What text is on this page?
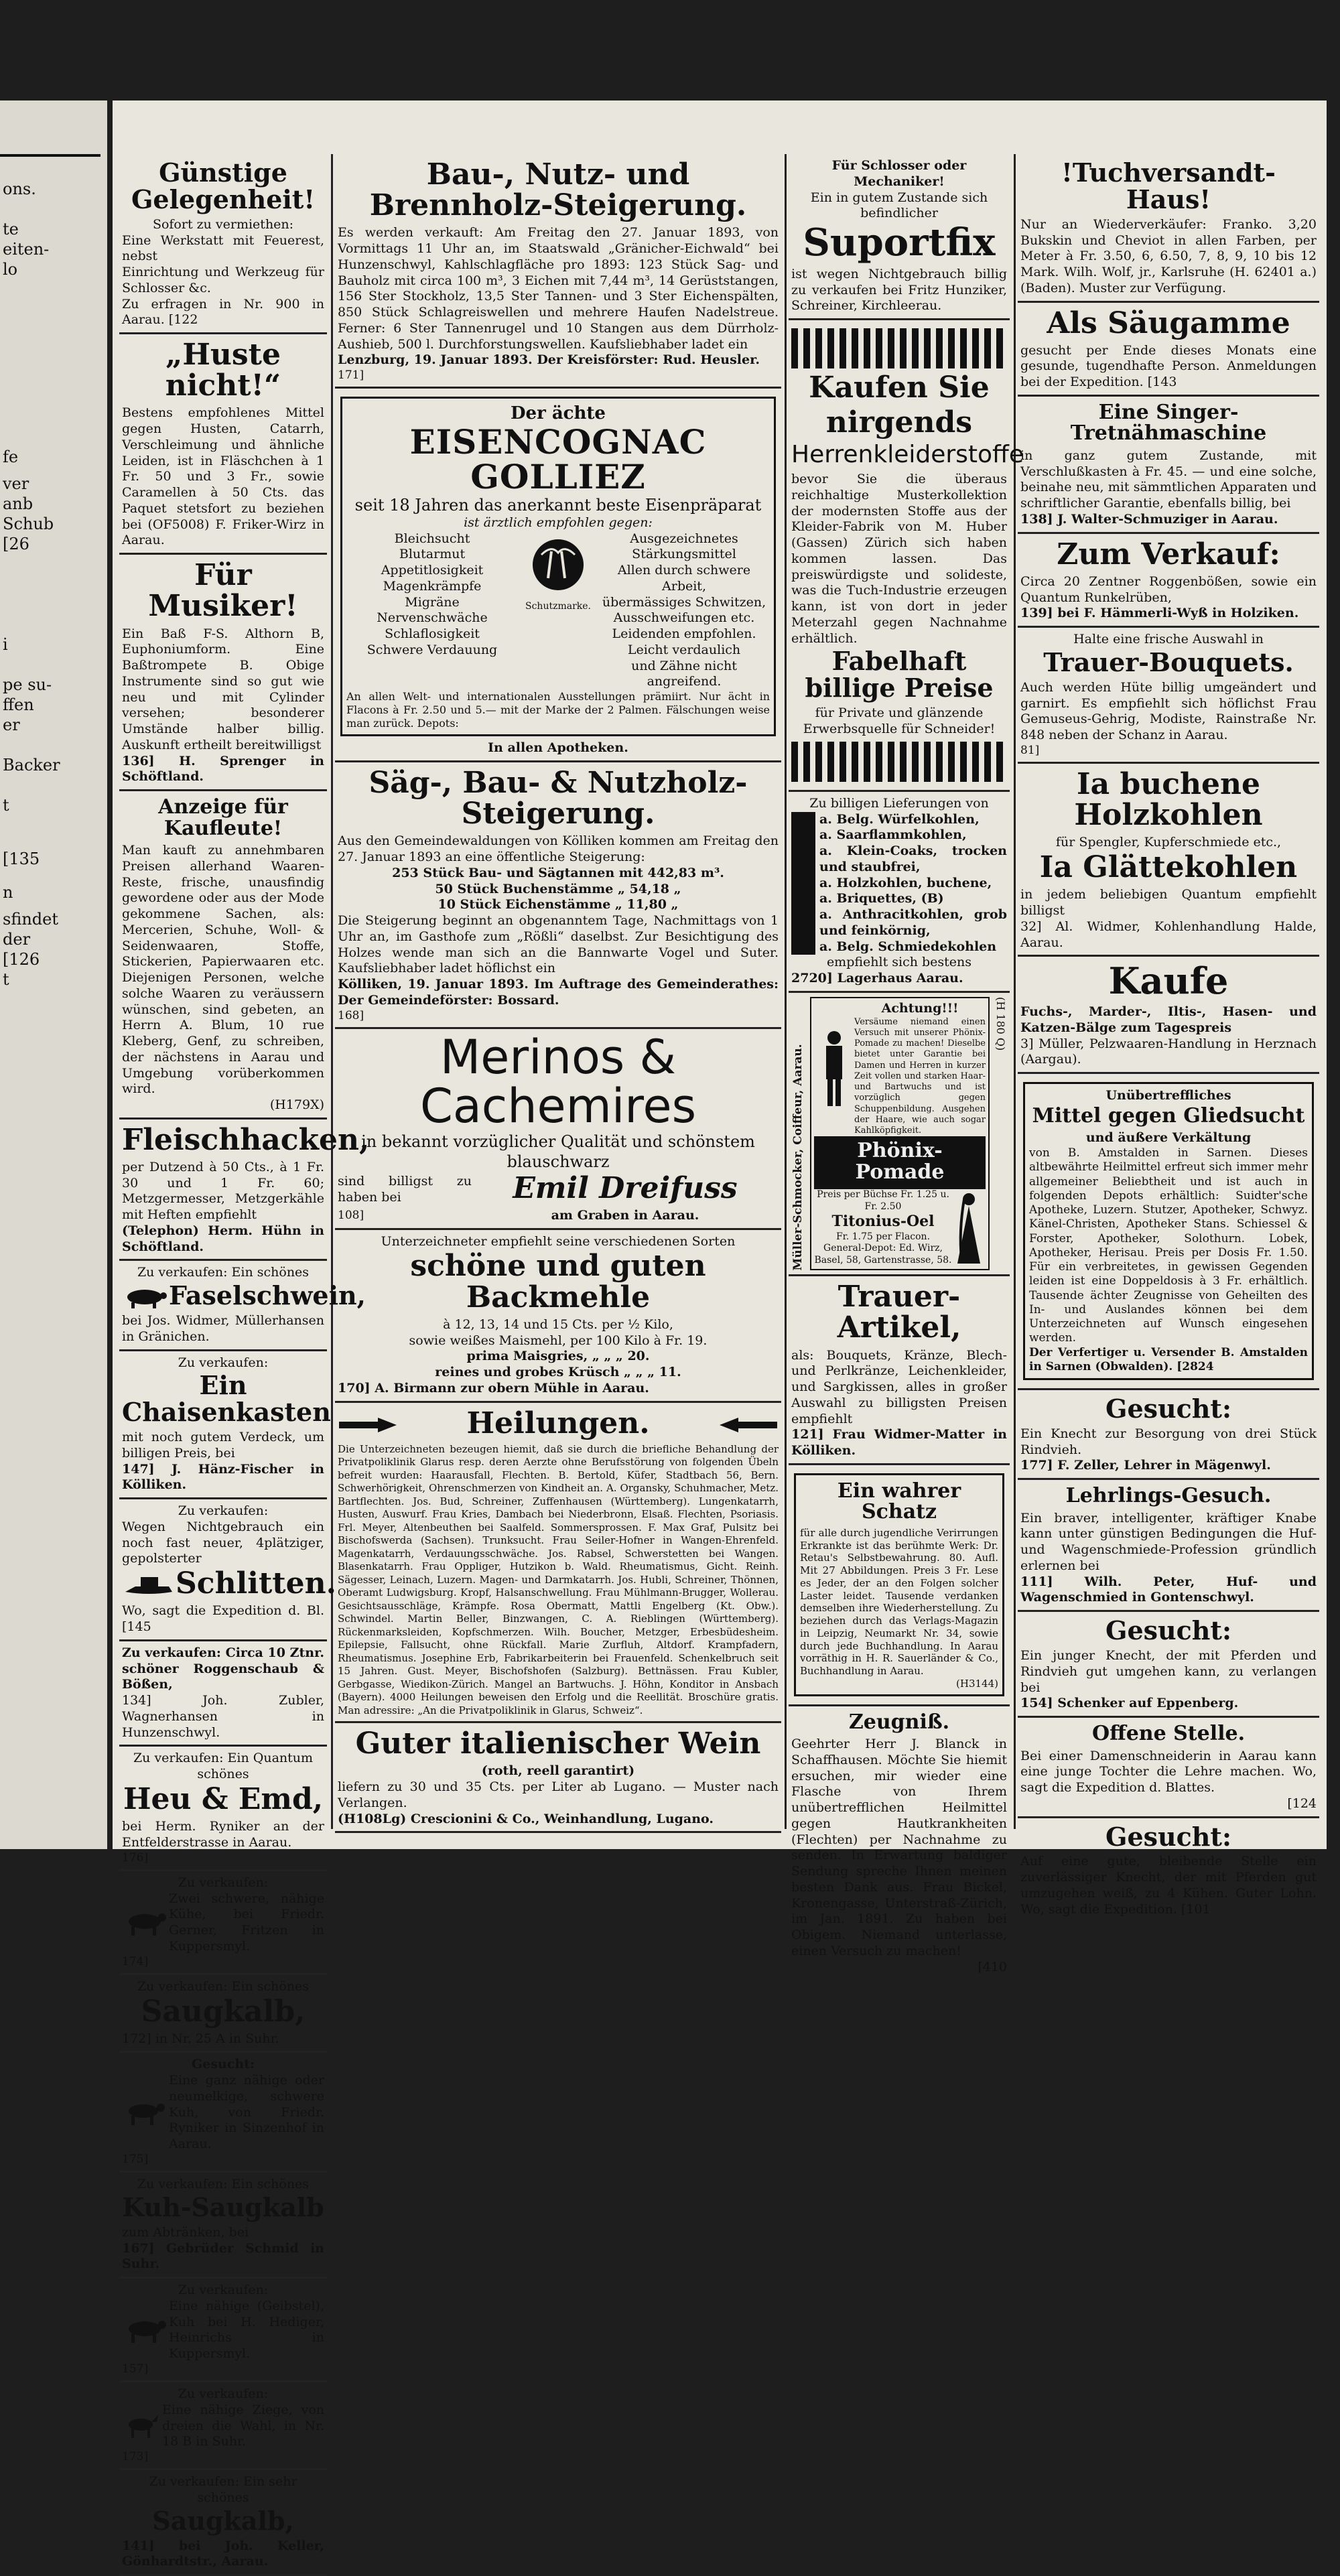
ons.
te
eiten-
lo
fe
ver
anb
Schub
[26
i
pe su-
ffen
er
Backer
t
[135
n
sfindet
der
[126
t
Günstige Gelegenheit!

Sofort zu vermiethen:

Eine Werkstatt mit Feuerest, nebst

Einrichtung und Werkzeug für Schlosser &c.

Zu erfragen in Nr. 900 in Aarau. [122

„Huste nicht!“

Bestens empfohlenes Mittel gegen Husten, Catarrh, Verschleimung und ähnliche Leiden, ist in Fläschchen à 1 Fr. 50 und 3 Fr., sowie Caramellen à 50 Cts. das Paquet stetsfort zu beziehen bei (OF5008) F. Friker-Wirz in Aarau.

Für Musiker!

Ein Baß F-S. Althorn B, Euphoniumform. Eine Baßtrompete B. Obige Instrumente sind so gut wie neu und mit Cylinder versehen; besonderer Umstände halber billig. Auskunft ertheilt bereitwilligst

136] H. Sprenger in Schöftland.

Anzeige für Kaufleute!

Man kauft zu annehmbaren Preisen allerhand Waaren-Reste, frische, unausfindig gewordene oder aus der Mode gekommene Sachen, als: Mercerien, Schuhe, Woll- & Seidenwaaren, Stoffe, Stickerien, Papierwaaren etc. Diejenigen Personen, welche solche Waaren zu veräussern wünschen, sind gebeten, an Herrn A. Blum, 10 rue Kleberg, Genf, zu schreiben, der nächstens in Aarau und Umgebung vorüberkommen wird.

(H179X)

Fleischhacken,

per Dutzend à 50 Cts., à 1 Fr. 30 und 1 Fr. 60; Metzgermesser, Metzgerkähle mit Heften empfiehlt

(Telephon) Herm. Hühn in Schöftland.

Zu verkaufen: Ein schönes

Faselschwein,

bei Jos. Widmer, Müllerhansen in Gränichen.

Zu verkaufen:

Ein Chaisenkasten

mit noch gutem Verdeck, um billigen Preis, bei

147] J. Hänz-Fischer in Kölliken.

Zu verkaufen:

Wegen Nichtgebrauch ein noch fast neuer, 4plätziger, gepolsterter

Schlitten.

Wo, sagt die Expedition d. Bl. [145

Zu verkaufen: Circa 10 Ztnr. schöner Roggenschaub & Bößen,

134] Joh. Zubler, Wagnerhansen in Hunzenschwyl.

Zu verkaufen: Ein Quantum schönes

Heu & Emd,

bei Herm. Ryniker an der Entfelderstrasse in Aarau.

176]

Zu verkaufen:

Zwei schwere, nähige Kühe, bei Friedr. Gerner, Fritzen in Kuppersmyl.

174]

Zu verkaufen: Ein schönes

Saugkalb,

172] in Nr. 25 A in Suhr.

Gesucht:

Eine ganz nähige oder neumelkige, schwere Kuh, von Friedr. Ryniker in Sinzenhof in Aarau.

175]

Zu verkaufen: Ein schönes

Kuh-Saugkalb

zum Abtränken, bei

167] Gebrüder Schmid in Suhr.

Zu verkaufen:

Eine nähige (Geibstel), Kuh bei H. Hediger, Heinrichs in Kuppersmyl.

157]

Zu verkaufen:

Eine nähige Ziege, von dreien die Wahl, in Nr. 18 B in Suhr.

173]

Zu verkaufen: Ein sehr schönes

Saugkalb,

141] bei Joh. Keller, Gönhardtstr., Aarau.

Bau-, Nutz- und Brennholz-Steigerung.

Es werden verkauft: Am Freitag den 27. Januar 1893, von Vormittags 11 Uhr an, im Staatswald „Gränicher-Eichwald“ bei Hunzenschwyl, Kahlschlagfläche pro 1893: 123 Stück Sag- und Bauholz mit circa 100 m³, 3 Eichen mit 7,44 m³, 14 Gerüststangen, 156 Ster Stockholz, 13,5 Ster Tannen- und 3 Ster Eichenspälten, 850 Stück Schlagreiswellen und mehrere Haufen Nadelstreue. Ferner: 6 Ster Tannenrugel und 10 Stangen aus dem Dürrholz-Aushieb, 500 l. Durchforstungswellen. Kaufsliebhaber ladet ein

Lenzburg, 19. Januar 1893. Der Kreisförster: Rud. Heusler.

171]

Der ächte

EISENCOGNAC GOLLIEZ

seit 18 Jahren das anerkannt beste Eisenpräparat

ist ärztlich empfohlen gegen:

Bleichsucht

Blutarmut

Appetitlosigkeit

Magenkrämpfe

Migräne

Nervenschwäche

Schlaflosigkeit

Schwere Verdauung

Schutzmarke.

Ausgezeichnetes

Stärkungsmittel

Allen durch schwere Arbeit,

übermässiges Schwitzen,

Ausschweifungen etc.

Leidenden empfohlen.

Leicht verdaulich

und Zähne nicht angreifend.

An allen Welt- und internationalen Ausstellungen prämiirt. Nur ächt in Flacons à Fr. 2.50 und 5.— mit der Marke der 2 Palmen. Fälschungen weise man zurück. Depots:

In allen Apotheken.

Säg-, Bau- & Nutzholz-Steigerung.

Aus den Gemeindewaldungen von Kölliken kommen am Freitag den 27. Januar 1893 an eine öffentliche Steigerung:

253 Stück Bau- und Sägtannen mit 442,83 m³.

50 Stück Buchenstämme „ 54,18 „

10 Stück Eichenstämme „ 11,80 „

Die Steigerung beginnt an obgenanntem Tage, Nachmittags von 1 Uhr an, im Gasthofe zum „Rößli“ daselbst. Zur Besichtigung des Holzes wende man sich an die Bannwarte Vogel und Suter. Kaufsliebhaber ladet höflichst ein

Kölliken, 19. Januar 1893. Im Auftrage des Gemeinderathes: Der Gemeindeförster: Bossard.

168]

Merinos & Cachemires

in bekannt vorzüglicher Qualität und schönstem blauschwarz

sind billigst zu haben bei	Emil Dreifuss

108]	am Graben in Aarau.

Unterzeichneter empfiehlt seine verschiedenen Sorten

schöne und guten Backmehle

à 12, 13, 14 und 15 Cts. per ½ Kilo,

sowie weißes Maismehl, per 100 Kilo à Fr. 19.

prima Maisgries, „ „ „ 20.

reines und grobes Krüsch „ „ „ 11.

170] A. Birmann zur obern Mühle in Aarau.

Heilungen.

Die Unterzeichneten bezeugen hiemit, daß sie durch die briefliche Behandlung der Privatpoliklinik Glarus resp. deren Aerzte ohne Berufsstörung von folgenden Übeln befreit wurden: Haarausfall, Flechten. B. Bertold, Küfer, Stadtbach 56, Bern. Schwerhörigkeit, Ohrenschmerzen von Kindheit an. A. Organsky, Schuhmacher, Metz. Bartflechten. Jos. Bud, Schreiner, Zuffenhausen (Württemberg). Lungenkatarrh, Husten, Auswurf. Frau Kries, Dambach bei Niederbronn, Elsaß. Flechten, Psoriasis. Frl. Meyer, Altenbeuthen bei Saalfeld. Sommersprossen. F. Max Graf, Pulsitz bei Bischofswerda (Sachsen). Trunksucht. Frau Seiler-Hofner in Wangen-Ehrenfeld. Magenkatarrh, Verdauungsschwäche. Jos. Rabsel, Schwerstetten bei Wangen. Blasenkatarrh. Frau Oppliger, Hutzikon b. Wald. Rheumatismus, Gicht. Reinh. Sägesser, Leinach, Luzern. Magen- und Darmkatarrh. Jos. Hubli, Schreiner, Thönnen, Oberamt Ludwigsburg. Kropf, Halsanschwellung. Frau Mühlmann-Brugger, Wollerau. Gesichtsausschläge, Krämpfe. Rosa Obermatt, Mattli Engelberg (Kt. Obw.). Schwindel. Martin Beller, Binzwangen, C. A. Rieblingen (Württemberg). Rückenmarksleiden, Kopfschmerzen. Wilh. Boucher, Metzger, Erbesbüdesheim. Epilepsie, Fallsucht, ohne Rückfall. Marie Zurfluh, Altdorf. Krampfadern, Rheumatismus. Josephine Erb, Fabrikarbeiterin bei Frauenfeld. Schenkelbruch seit 15 Jahren. Gust. Meyer, Bischofshofen (Salzburg). Bettnässen. Frau Kubler, Gerbgasse, Wiedikon-Zürich. Mangel an Bartwuchs. J. Höhn, Konditor in Ansbach (Bayern). 4000 Heilungen beweisen den Erfolg und die Reellität. Broschüre gratis. Man adressire: „An die Privatpoliklinik in Glarus, Schweiz“.

Guter italienischer Wein

(roth, reell garantirt)

liefern zu 30 und 35 Cts. per Liter ab Lugano. — Muster nach Verlangen.

(H108Lg) Crescionini & Co., Weinhandlung, Lugano.

Für Schlosser oder Mechaniker!

Ein in gutem Zustande sich befindlicher

Suportfix

ist wegen Nichtgebrauch billig zu verkaufen bei Fritz Hunziker, Schreiner, Kirchleerau.

Kaufen Sie
nirgends
Herrenkleiderstoffe

bevor Sie die überaus reichhaltige Musterkollektion der modernsten Stoffe aus der Kleider-Fabrik von M. Huber (Gassen) Zürich sich haben kommen lassen. Das preiswürdigste und solideste, was die Tuch-Industrie erzeugen kann, ist von dort in jeder Meterzahl gegen Nachnahme erhältlich.

Fabelhaft billige Preise

für Private und glänzende Erwerbsquelle für Schneider!

Zu billigen Lieferungen von

a. Belg. Würfelkohlen,

a. Saarflammkohlen,

a. Klein-Coaks, trocken und staubfrei,

a. Holzkohlen, buchene,

a. Briquettes, (B)

a. Anthracitkohlen, grob und feinkörnig,

a. Belg. Schmiedekohlen

empfiehlt sich bestens

2720] Lagerhaus Aarau.

Müller-Schmocker, Coiffeur, Aarau.

Achtung!!!

Versäume niemand einen Versuch mit unserer Phönix-Pomade zu machen! Dieselbe bietet unter Garantie bei Damen und Herren in kurzer Zeit vollen und starken Haar- und Bartwuchs und ist vorzüglich gegen Schuppenbildung. Ausgehen der Haare, wie auch sogar Kahlköpfigkeit.

Phönix-Pomade

Preis per Büchse Fr. 1.25 u. Fr. 2.50

Titonius-Oel

Fr. 1.75 per Flacon.

General-Depot: Ed. Wirz, Basel, 58, Gartenstrasse, 58.

(H 180 Q)
Trauer-Artikel,

als: Bouquets, Kränze, Blech- und Perlkränze, Leichenkleider, und Sargkissen, alles in großer Auswahl zu billigsten Preisen empfiehlt

121] Frau Widmer-Matter in Kölliken.

Ein wahrer Schatz

für alle durch jugendliche Verirrungen Erkrankte ist das berühmte Werk: Dr. Retau's Selbstbewahrung. 80. Aufl. Mit 27 Abbildungen. Preis 3 Fr. Lese es Jeder, der an den Folgen solcher Laster leidet. Tausende verdanken demselben ihre Wiederherstellung. Zu beziehen durch das Verlags-Magazin in Leipzig, Neumarkt Nr. 34, sowie durch jede Buchhandlung. In Aarau vorräthig in H. R. Sauerländer & Co., Buchhandlung in Aarau.

(H3144)

Zeugniß.

Geehrter Herr J. Blanck in Schaffhausen. Möchte Sie hiemit ersuchen, mir wieder eine Flasche von Ihrem unübertrefflichen Heilmittel gegen Hautkrankheiten (Flechten) per Nachnahme zu senden. In Erwartung baldiger Sendung spreche Ihnen meinen besten Dank aus. Frau Bickel, Kronengasse, Unterstraß-Zürich, im Jan. 1891. Zu haben bei Obigem. Niemand unterlasse, einen Versuch zu machen!

[410

!Tuchversandt-Haus!

Nur an Wiederverkäufer: Franko. 3,20 Bukskin und Cheviot in allen Farben, per Meter à Fr. 3.50, 6, 6.50, 7, 8, 9, 10 bis 12 Mark. Wilh. Wolf, jr., Karlsruhe (H. 62401 a.) (Baden). Muster zur Verfügung.

Als Säugamme

gesucht per Ende dieses Monats eine gesunde, tugendhafte Person. Anmeldungen bei der Expedition. [143

Eine Singer-Tretnähmaschine

in ganz gutem Zustande, mit Verschlußkasten à Fr. 45. — und eine solche, beinahe neu, mit sämmtlichen Apparaten und schriftlicher Garantie, ebenfalls billig, bei

138] J. Walter-Schmuziger in Aarau.

Zum Verkauf:

Circa 20 Zentner Roggenbößen, sowie ein Quantum Runkelrüben,

139] bei F. Hämmerli-Wyß in Holziken.

Halte eine frische Auswahl in

Trauer-Bouquets.

Auch werden Hüte billig umgeändert und garnirt. Es empfiehlt sich höflichst Frau Gemuseus-Gehrig, Modiste, Rainstraße Nr. 848 neben der Schanz in Aarau.

81]

Ia buchene Holzkohlen

für Spengler, Kupferschmiede etc.,

Ia Glättekohlen

in jedem beliebigen Quantum empfiehlt billigst

32] Al. Widmer, Kohlenhandlung Halde, Aarau.

Kaufe

Fuchs-, Marder-, Iltis-, Hasen- und Katzen-Bälge zum Tagespreis

3] Müller, Pelzwaaren-Handlung in Herznach (Aargau).

Unübertreffliches

Mittel gegen Gliedsucht

und äußere Verkältung

von B. Amstalden in Sarnen. Dieses altbewährte Heilmittel erfreut sich immer mehr allgemeiner Beliebtheit und ist auch in folgenden Depots erhältlich: Suidter'sche Apotheke, Luzern. Stutzer, Apotheker, Schwyz. Känel-Christen, Apotheker Stans. Schiessel & Forster, Apotheker, Solothurn. Lobek, Apotheker, Herisau. Preis per Dosis Fr. 1.50. Für ein verbreitetes, in gewissen Gegenden leiden ist eine Doppeldosis à 3 Fr. erhältlich. Tausende ächter Zeugnisse von Geheilten des In- und Auslandes können bei dem Unterzeichneten auf Wunsch eingesehen werden.

Der Verfertiger u. Versender B. Amstalden in Sarnen (Obwalden). [2824

Gesucht:

Ein Knecht zur Besorgung von drei Stück Rindvieh.

177] F. Zeller, Lehrer in Mägenwyl.

Lehrlings-Gesuch.

Ein braver, intelligenter, kräftiger Knabe kann unter günstigen Bedingungen die Huf- und Wagenschmiede-Profession gründlich erlernen bei

111] Wilh. Peter, Huf- und Wagenschmied in Gontenschwyl.

Gesucht:

Ein junger Knecht, der mit Pferden und Rindvieh gut umgehen kann, zu verlangen bei

154] Schenker auf Eppenberg.

Offene Stelle.

Bei einer Damenschneiderin in Aarau kann eine junge Tochter die Lehre machen. Wo, sagt die Expedition d. Blattes.

[124

Gesucht:

Auf eine gute, bleibende Stelle ein zuverlässiger Knecht, der mit Pferden gut umzugehen weiß, zu 4 Kühen. Guter Lohn. Wo, sagt die Expedition. [101
